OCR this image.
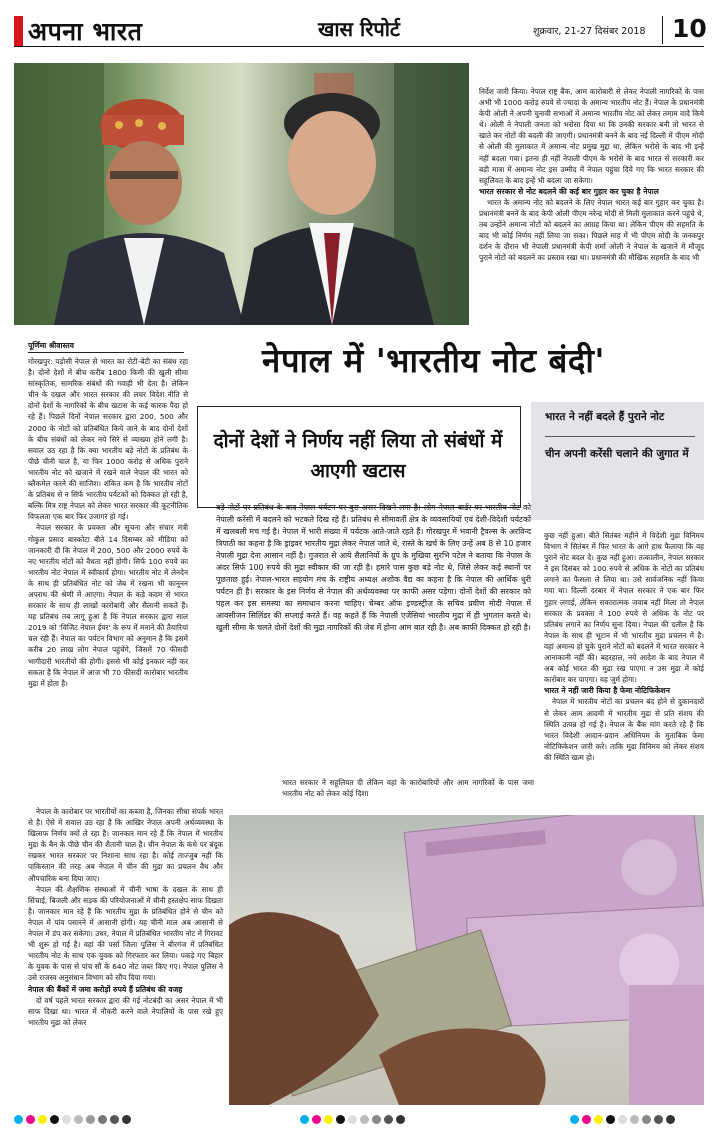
अपना भारत	खास रिपोर्ट	शुक्रवार, 21-27 दिसंबर 2018 10

निर्देश जारी किया। नेपाल राष्ट्र बैंक, आम कारोबारी से लेकर नेपाली नागरिकों के पास अभी भी 1000 करोड़ रुपये से ज्यादा के अमान्य भारतीय नोट हैं। नेपाल के प्रधानमंत्री केपी ओली ने अपनी चुनावी सभाओं में अमान्य भारतीय नोट को लेकर तमाम वादे किये थे। ओली ने नेपाली जनता को भरोसा दिया था कि उनकी सरकार बनी तो भारत से खाते कर नोटों की बदली की जाएगी। प्रधानमंत्री बनने के बाद नई दिल्ली में पीएम मोदी से ओली की मुलाकात में अमान्य नोट प्रमुख मुद्दा था, लेकिन भरोसे के बाद भी इन्हें नहीं बदला गया। इतना ही नहीं नेपाली पीएम के भरोसे के बाद भारत से सरकारी कर बड़ी मात्रा में अमान्य नोट इस उम्मीद में नेपाल पहुंचा दिये गए कि भारत सरकार की सहूलियत के बाद इन्हें भी बदला जा सकेगा।

भारत सरकार से नोट बदलने की कई बार गुहार कर चुका है नेपाल

भारत के अमान्य नोट को बदलने के लिए नेपाल भारत कई बार गुहार कर चुका है। प्रधानमंत्री बनने के बाद केपी ओली पीएम नरेन्द्र मोदी से मिली मुलाकात करने पहुंचे थे, तब उन्होंने अमान्य नोटों को बदलने का आग्रह किया था। लेकिन पीएम की सहमति के बाद भी कोई निर्णय नहीं लिया जा सका। पिछले माह में भी पीएम मोदी के जनकपुर दर्शन के दौरान भी नेपाली प्रधानमंत्री केपी शर्मा ओली ने नेपाल के खजाने में मौजूद पुराने नोटों को बदलने का प्रस्ताव रखा था। प्रधानमंत्री की मौखिक सहमति के बाद भी

नेपाल में 'भारतीय नोट बंदी'
पूर्णिमा श्रीवास्तव

गोरखपुर: पड़ोसी नेपाल से भारत का रोटी-बेटी का संबंध रहा है। दोनों देशों में बीच करीब 1800 किमी की खुली सीमा सांस्कृतिक, सामरिक संबंधों की गवाही भी देता है। लेकिन चीन के दखल और भारत सरकार की लचर विदेश नीति से दोनों देशों के नागरिकों के बीच खटास के कई कारक पैदा हो रहे हैं। पिछले दिनों नेपाल सरकार द्वारा 200, 500 और 2000 के नोटों को प्रतिबंधित किये जाने के बाद दोनों देशों के बीच संबंधों को लेकर नये सिरे से व्याख्या होने लगी है। सवाल उठ रहा है कि क्या भारतीय बड़े नोटों के प्रतिबंध के पीछे चीनी चाल है, या फिर 1000 करोड़ से अधिक पुराने भारतीय नोट को खजाने में रखने वाले नेपाल की भारत को ब्लैकमेल करने की साजिश। शंकित कम है कि भारतीय नोटों के प्रतिबंध से न सिर्फ भारतीय पर्यटकों को दिक्कत हो रही है, बल्कि मित्र राष्ट्र नेपाल को लेकर भारत सरकार की कूटनीतिक विफलता एक बार फिर उजागर हो गई।

नेपाल सरकार के प्रवक्ता और सूचना और संचार मंत्री गोकुल प्रसाद बास्कोटा बीते 14 दिसम्बर को मीडिया को जानकारी दी कि नेपाल में 200, 500 और 2000 रुपये के नए भारतीय नोटों को वैधता नहीं होगी। सिर्फ 100 रुपये का भारतीय नोट नेपाल में स्वीकार्य होगा। भारतीय नोट में लेनदेन के साथ ही प्रतिबंधित नोट को जेब में रखना भी कानूनन अपराध की श्रेणी में आएगा। नेपाल के कड़े कदम से भारत सरकार के साथ ही लाखों कारोबारी और सैलानी सकते हैं। यह प्रतिबंध तब लागू हुआ है कि नेपाल सरकार द्वारा साल 2019 को 'विजिट नेपाल ईयर' के रूप में मनाने की तैयारियां चल रही हैं। नेपाल का पर्यटन विभाग को अनुमान है कि इसमें करीब 20 लाख लोग नेपाल पहुंचेंगे, जिसमें 70 फीसदी भागीदारी भारतीयों की होगी। इससे भी कोई इनकार नहीं कर सकता है कि नेपाल में आज भी 70 फीसदी कारोबार भारतीय मुद्रा में होता है।

भारत ने नहीं बदले हैं पुराने नोट
चीन अपनी करेंसी चलाने की जुगात में
दोनों देशों ने निर्णय नहीं लिया तो संबंधों में आएगी खटास
बड़े नोटों पर प्रतिबंध के बाद नेपाल पर्यटन पर बुरा असर दिखने लगा है। लोग नेपाल बार्डर पर भारतीय नोट को नेपाली करेंसी में बदलने को भटकते दिख रहे हैं। प्रतिबंध से सीमावर्ती क्षेत्र के व्यवसायियों एवं देशी-विदेशी पर्यटकों में खलबली मच गई है। नेपाल में भारी संख्या में पर्यटक आते-जाते रहते हैं। गोरखपुर में भवानी ट्रैवल्स के अरविन्द त्रिपाठी का कहना है कि ड्राइवर भारतीय मुद्रा लेकर नेपाल जाते थे, रास्ते के खर्च के लिए उन्हें अब 8 से 10 हजार नेपाली मुद्रा देना आसान नहीं है। गुजरात से आये सैलानियों के ग्रुप के मुखिया सुरभि पटेल ने बताया कि नेपाल के अंदर सिर्फ 100 रुपये की मुद्रा स्वीकार की जा रही है। हमारे पास कुछ बड़े नोट थे, जिसे लेकर कई स्थानों पर पूछताछ हुई। नेपाल-भारत सहयोग मंच के राष्ट्रीय अध्यक्ष अशोक वैद्य का कहना है कि नेपाल की आर्थिक धुरी पर्यटन ही है। सरकार के इस निर्णय से नेपाल की अर्थव्यवस्था पर काफी असर पड़ेगा। दोनों देशों की सरकार को पहल कर इस समस्या का समाधान करना चाहिए। चेम्बर ऑफ इण्डस्ट्रीज के सचिव प्रवीण मोदी नेपाल में आवसीजन सिलिंडर की सप्लाई करते हैं। वह कहते हैं कि नेपाली एजेंसियां भारतीय मुद्रा में ही भुगतान करते थे। खुली सीमा के चलते दोनों देशों की मुद्रा नागरिकों की जेब में होना आम बात रही है। अब काफी दिक्कत हो रही है।

कुछ नहीं हुआ। बीते सितंबर महीने में विदेशी मुद्रा विनिमय विभाग ने सितंबर में फिर भारत के आगे हाथ फैलाया कि वह पुराने नोट बदल दे। कुछ नहीं हुआ। तत्कालीन, नेपाल सरकार ने इस दिसंबर को 100 रुपये से अधिक के नोटों का प्रतिबंध लगाने का फैसला ले लिया था। उसे सार्वजनिक नहीं किया गया था। दिल्ली दरबार में नेपाल सरकार ने एक बार फिर गुहार लगाई, लेकिन सकारात्मक जवाब नहीं मिला तो नेपाल सरकार के प्रवक्ता ने 100 रुपये से अधिक के नोट पर प्रतिबंध लगाने का निर्णय सुना दिया। नेपाल की दलील है कि नेपाल के साथ ही भूटान में भी भारतीय मुद्रा प्रचलन में है। वहां अमान्य हो चुके पुराने नोटों को बदलने में भारत सरकार ने आनाकानी नहीं की। बहरहाल, नये आदेश के बाद नेपाल में अब कोई भारत की मुद्रा रख पाएगा न उस मुद्रा में कोई कारोबार कर पाएगा। यह जुर्म होगा।

भारत ने नहीं जारी किया है फेमा नोटिफिकेशन

नेपाल में भारतीय नोटों का प्रचलन बंद होने से दुकानदारों से लेकर आम आदमी में भारतीय मुद्रा से प्रति संशय की स्थिति उत्पन्न हो गई है। नेपाल के बैंक मांग करते रहे हैं कि भारत विदेशी आदान-प्रदान अधिनियम के मुताबिक फेमा नोटिफिकेशन जारी करे। ताकि मुद्रा विनिमय को लेकर संशय की स्थिति खत्म हो।

भारत सरकार ने सहूलियत दी लेकिन वहां के कारोबारियों और आम नागरिकों के पास जमा भारतीय नोट को लेकर कोई दिशा

नेपाल के कारोबार पर भारतीयों का कब्जा है, जिनका सीधा संपर्क भारत से है। ऐसे में सवाल उठ रहा है कि आखिर नेपाल अपनी अर्थव्यवस्था के खिलाफ निर्णय क्यों ले रहा है। जानकार मान रहे हैं कि नेपाल में भारतीय मुद्रा के बैन के पीछे चीन की शैतानी चाल है। चीन नेपाल के कंधे पर बंदूक रखकर भारत सरकार पर निशाना साध रहा है। कोई ताज्जुब नहीं कि पाकिस्तान की तरह अब नेपाल में चीन की मुद्रा का प्रचलन वैध और औपचारिक बना दिया जाए।

नेपाल की शैक्षणिक संस्थाओं में चीनी भाषा के दखल के साथ ही सिंचाई, बिजली और सड़क की परियोजनाओं में चीनी हस्तक्षेप साफ दिखता है। जानकार मान रहे हैं कि भारतीय मुद्रा के प्रतिबंधित होने से चीन को नेपाल में पांव पसारने में आसानी होगी। यह चीनी माल अब आसानी से नेपाल में डंप कर सकेगा। उधर, नेपाल में प्रतिबंधित भारतीय नोट में गिरावट भी शुरू हो गई है। वहां की पर्सा जिला पुलिस ने बीरगंज में प्रतिबंधित भारतीय नोट के साथ एक युवक को गिरफ्तार कर लिया। पकड़े गए बिहार के युवक के पास से पांच सौ के 640 नोट जब्त किए गए। नेपाल पुलिस ने उसे राजस्व अनुसंधान विभाग को सौंप दिया गया।

नेपाल की बैंकों में जमा करोड़ों रुपये हैं प्रतिबंध की वजह

दो वर्ष पहले भारत सरकार द्वारा की गई नोटबंदी का असर नेपाल में भी साफ दिखा था। भारत में नौकरी करने वाले नेपालियों के पास रखे हुए भारतीय मुद्रा को लेकर
